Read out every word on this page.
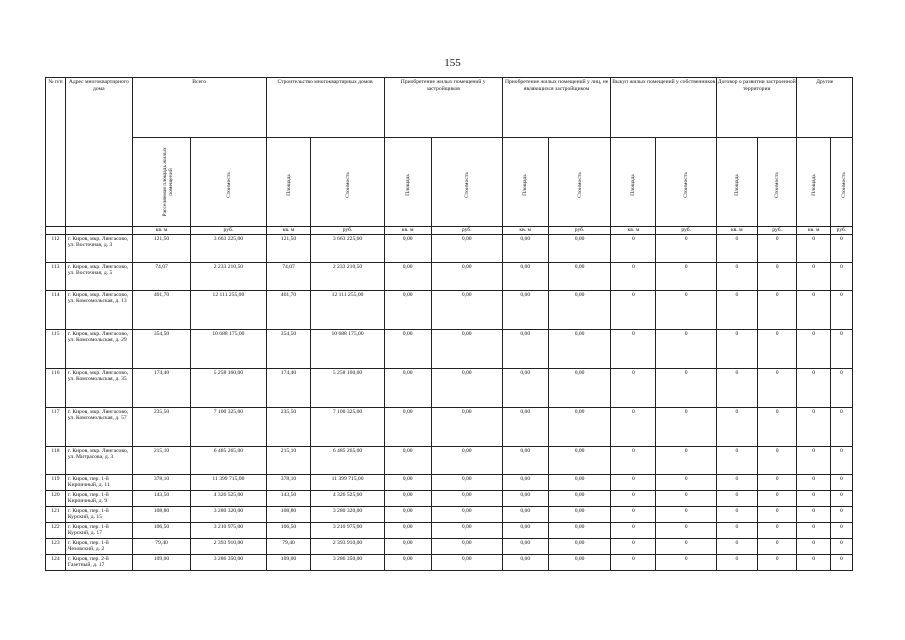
155
№ п/п	Адрес многоквартирного дома	Всего		Строительство многоквартирных домов		Приобретение жилых помещений у застройщиков		Приобретение жилых помещений у лиц, не являющихся застройщиком		Выкуп жилых помещений у собственников		Договор о развитии застроенной территории		Другие	
		Расселяемая площадь жилых помещений	Стоимость	Площадь	Стоимость	Площадь	Стоимость	Площадь	Стоимость	Площадь	Стоимость	Площадь	Стоимость	Площадь	Стоимость
		кв. м	руб.	кв. м	руб.	кв. м	руб.	кв. м	руб.	кв. м	руб.	кв. м	руб.	кв. м	руб.
112	г. Киров, мкр. Лянгасово, ул. Восточная, д. 3	121,50	3 663 225,00	121,50	3 663 225,00	0,00	0,00	0,00	0,00	0	0	0	0	0	0
113	г. Киров, мкр. Лянгасово, ул. Восточная, д. 5	74,07	2 233 210,50	74,07	2 233 210,50	0,00	0,00	0,00	0,00	0	0	0	0	0	0
114	г. Киров, мкр. Лянгасово, ул. Комсомольская, д. 13	401,70	12 111 255,00	401,70	12 111 255,00	0,00	0,00	0,00	0,00	0	0	0	0	0	0
115	г. Киров, мкр. Лянгасово, ул. Комсомольская, д. 29	354,50	10 688 175,00	354,50	10 688 175,00	0,00	0,00	0,00	0,00	0	0	0	0	0	0
116	г. Киров, мкр. Лянгасово, ул. Комсомольская, д. 35	174,40	5 258 160,00	174,40	5 258 160,00	0,00	0,00	0,00	0,00	0	0	0	0	0	0
117	г. Киров, мкр. Лянгасово, ул. Комсомольская, д. 57	235,50	7 100 325,00	235,50	7 100 325,00	0,00	0,00	0,00	0,00	0	0	0	0	0	0
118	г. Киров, мкр. Лянгасово, ул. Митрасова, д. 3	215,10	6 485 265,00	215,10	6 485 265,00	0,00	0,00	0,00	0,00	0	0	0	0	0	0
119	г. Киров, пер. 1-й Кирпичный, д. 11	378,10	11 399 715,00	378,10	11 399 715,00	0,00	0,00	0,00	0,00	0	0	0	0	0	0
120	г. Киров, пер. 1-й Кирпичный, д. 9	143,50	4 326 525,00	143,50	4 326 525,00	0,00	0,00	0,00	0,00	0	0	0	0	0	0
121	г. Киров, пер. 1-й Курский, д. 15	108,80	3 280 320,00	108,80	3 280 320,00	0,00	0,00	0,00	0,00	0	0	0	0	0	0
122	г. Киров, пер. 1-й Курский, д. 17	106,50	3 210 975,00	106,50	3 210 975,00	0,00	0,00	0,00	0,00	0	0	0	0	0	0
123	г. Киров, пер. 1-й Чеховский, д. 2	79,40	2 393 910,00	79,40	2 393 910,00	0,00	0,00	0,00	0,00	0	0	0	0	0	0
124	г. Киров, пер. 2-й Газетный, д. 17	109,00	3 286 350,00	109,00	3 286 350,00	0,00	0,00	0,00	0,00	0	0	0	0	0	0
